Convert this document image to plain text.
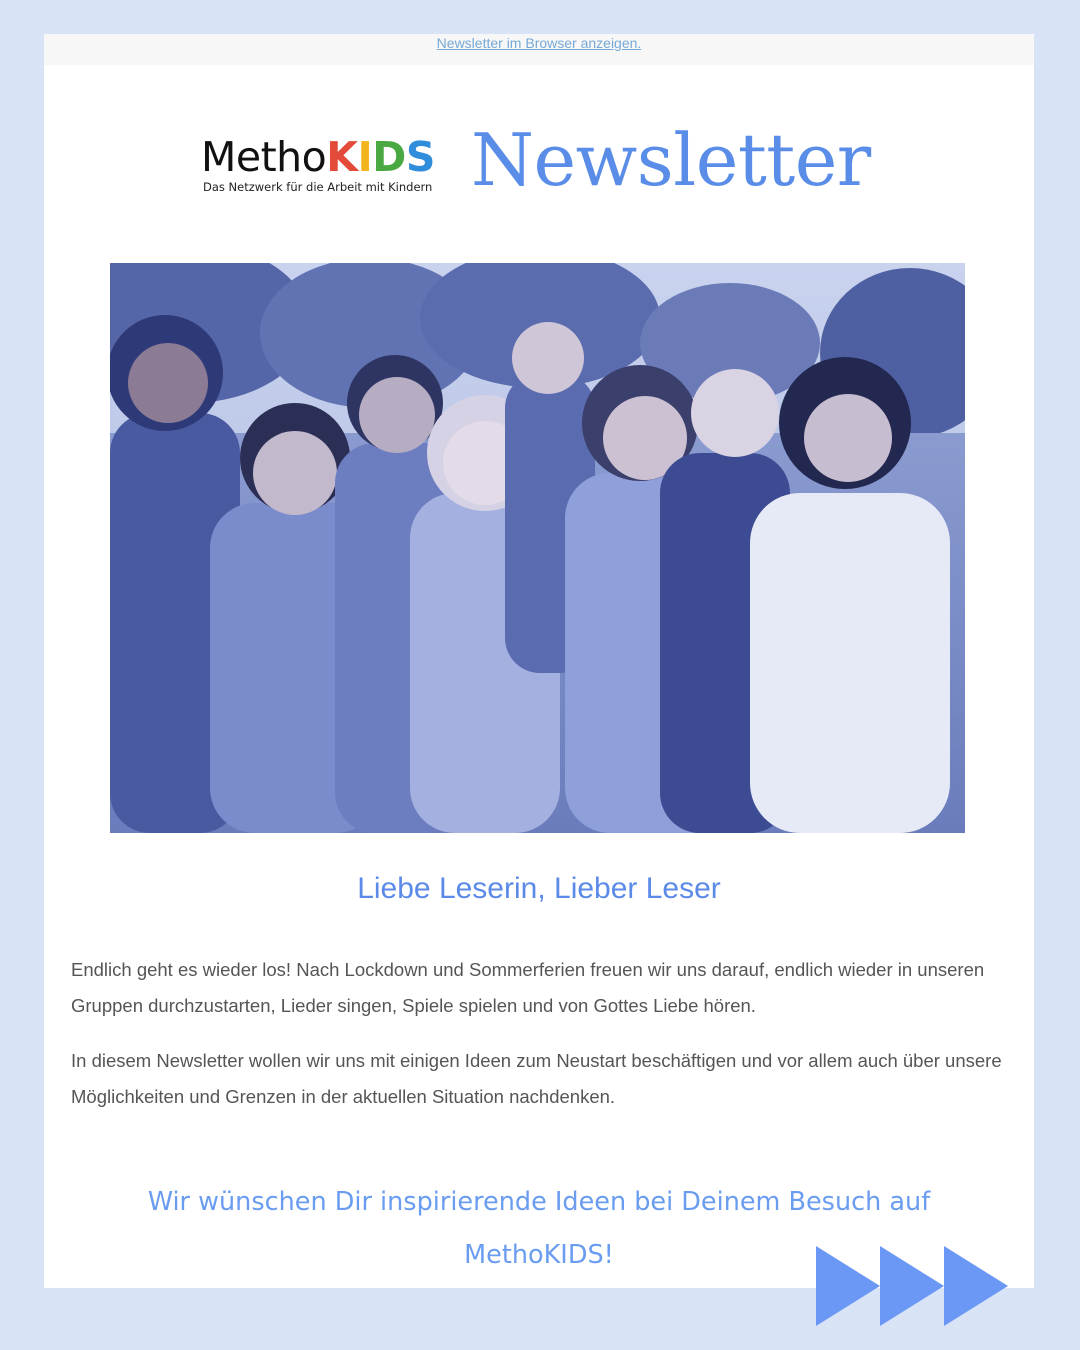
Newsletter im Browser anzeigen.
MethoKIDS
Das Netzwerk für die Arbeit mit Kindern Newsletter
Liebe Leserin, Lieber Leser

Endlich geht es wieder los! Nach Lockdown und Sommerferien freuen wir uns darauf, endlich wieder in unseren Gruppen durchzustarten, Lieder singen, Spiele spielen und von Gottes Liebe hören.

In diesem Newsletter wollen wir uns mit einigen Ideen zum Neustart beschäftigen und vor allem auch über unsere Möglichkeiten und Grenzen in der aktuellen Situation nachdenken.

Wir wünschen Dir inspirierende Ideen bei Deinem Besuch auf MethoKIDS!
